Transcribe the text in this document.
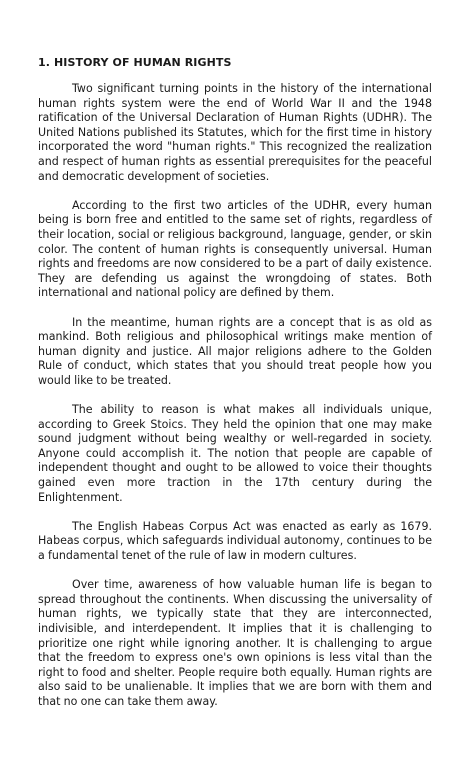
1. HISTORY OF HUMAN RIGHTS

Two significant turning points in the history of the international human rights system were the end of World War II and the 1948 ratification of the Universal Declaration of Human Rights (UDHR). The United Nations published its Statutes, which for the first time in history incorporated the word "human rights." This recognized the realization and respect of human rights as essential prerequisites for the peaceful and democratic development of societies.

According to the first two articles of the UDHR, every human being is born free and entitled to the same set of rights, regardless of their location, social or religious background, language, gender, or skin color. The content of human rights is consequently universal. Human rights and freedoms are now considered to be a part of daily existence. They are defending us against the wrongdoing of states. Both international and national policy are defined by them.

In the meantime, human rights are a concept that is as old as mankind. Both religious and philosophical writings make mention of human dignity and justice. All major religions adhere to the Golden Rule of conduct, which states that you should treat people how you would like to be treated.

The ability to reason is what makes all individuals unique, according to Greek Stoics. They held the opinion that one may make sound judgment without being wealthy or well-regarded in society. Anyone could accomplish it. The notion that people are capable of independent thought and ought to be allowed to voice their thoughts gained even more traction in the 17th century during the Enlightenment.

The English Habeas Corpus Act was enacted as early as 1679. Habeas corpus, which safeguards individual autonomy, continues to be a fundamental tenet of the rule of law in modern cultures.

Over time, awareness of how valuable human life is began to spread throughout the continents. When discussing the universality of human rights, we typically state that they are interconnected, indivisible, and interdependent. It implies that it is challenging to prioritize one right while ignoring another. It is challenging to argue that the freedom to express one's own opinions is less vital than the right to food and shelter. People require both equally. Human rights are also said to be unalienable. It implies that we are born with them and that no one can take them away.
